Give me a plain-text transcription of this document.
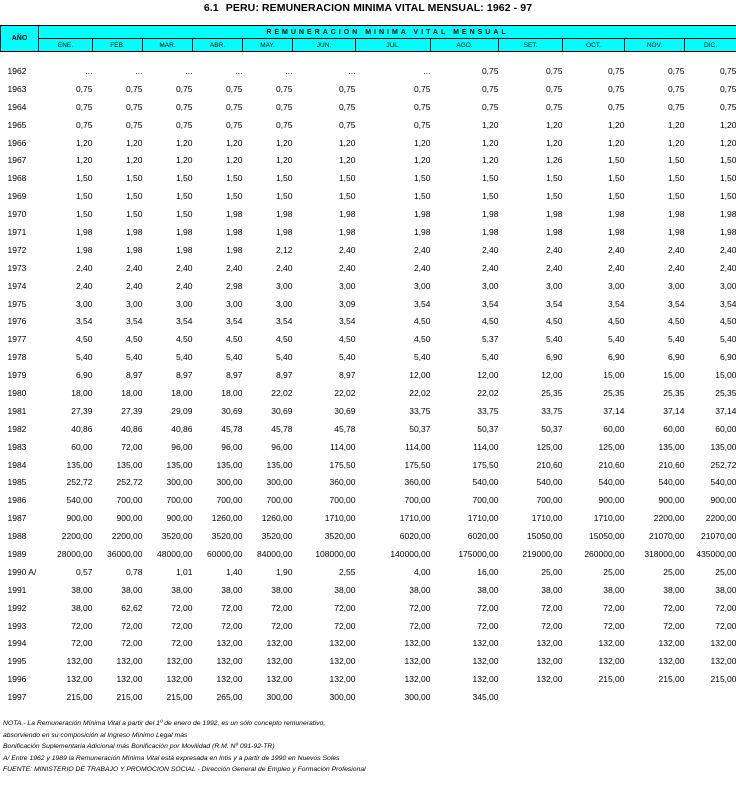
6.1 PERU: REMUNERACION MINIMA VITAL MENSUAL: 1962 - 97
AÑO	REMUNERACION MINIMA VITAL MENSUAL											
	ENE.	FEB.	MAR.	ABR.	MAY.	JUN.	JUL.	AGO.	SET.	OCT.	NOV.	DIC.

1962	...	...	...	...	...	...	...	0,75	0,75	0,75	0,75	0,75
1963	0,75	0,75	0,75	0,75	0,75	0,75	0,75	0,75	0,75	0,75	0,75	0,75
1964	0,75	0,75	0,75	0,75	0,75	0,75	0,75	0,75	0,75	0,75	0,75	0,75
1965	0,75	0,75	0,75	0,75	0,75	0,75	0,75	1,20	1,20	1,20	1,20	1,20
1966	1,20	1,20	1,20	1,20	1,20	1,20	1,20	1,20	1,20	1,20	1,20	1,20
1967	1,20	1,20	1,20	1,20	1,20	1,20	1,20	1,20	1,26	1,50	1,50	1,50
1968	1,50	1,50	1,50	1,50	1,50	1,50	1,50	1,50	1,50	1,50	1,50	1,50
1969	1,50	1,50	1,50	1,50	1,50	1,50	1,50	1,50	1,50	1,50	1,50	1,50
1970	1,50	1,50	1,50	1,98	1,98	1,98	1,98	1,98	1,98	1,98	1,98	1,98
1971	1,98	1,98	1,98	1,98	1,98	1,98	1,98	1,98	1,98	1,98	1,98	1,98
1972	1,98	1,98	1,98	1,98	2,12	2,40	2,40	2,40	2,40	2,40	2,40	2,40
1973	2,40	2,40	2,40	2,40	2,40	2,40	2,40	2,40	2,40	2,40	2,40	2,40
1974	2,40	2,40	2,40	2,98	3,00	3,00	3,00	3,00	3,00	3,00	3,00	3,00
1975	3,00	3,00	3,00	3,00	3,00	3,09	3,54	3,54	3,54	3,54	3,54	3,54
1976	3,54	3,54	3,54	3,54	3,54	3,54	4,50	4,50	4,50	4,50	4,50	4,50
1977	4,50	4,50	4,50	4,50	4,50	4,50	4,50	5,37	5,40	5,40	5,40	5,40
1978	5,40	5,40	5,40	5,40	5,40	5,40	5,40	5,40	6,90	6,90	6,90	6,90
1979	6,90	8,97	8,97	8,97	8,97	8,97	12,00	12,00	12,00	15,00	15,00	15,00
1980	18,00	18,00	18,00	18,00	22,02	22,02	22,02	22,02	25,35	25,35	25,35	25,35
1981	27,39	27,39	29,09	30,69	30,69	30,69	33,75	33,75	33,75	37,14	37,14	37,14
1982	40,86	40,86	40,86	45,78	45,78	45,78	50,37	50,37	50,37	60,00	60,00	60,00
1983	60,00	72,00	96,00	96,00	96,00	114,00	114,00	114,00	125,00	125,00	135,00	135,00
1984	135,00	135,00	135,00	135,00	135,00	175,50	175,50	175,50	210,60	210,60	210,60	252,72
1985	252,72	252,72	300,00	300,00	300,00	360,00	360,00	540,00	540,00	540,00	540,00	540,00
1986	540,00	700,00	700,00	700,00	700,00	700,00	700,00	700,00	700,00	900,00	900,00	900,00
1987	900,00	900,00	900,00	1260,00	1260,00	1710,00	1710,00	1710,00	1710,00	1710,00	2200,00	2200,00
1988	2200,00	2200,00	3520,00	3520,00	3520,00	3520,00	6020,00	6020,00	15050,00	15050,00	21070,00	21070,00
1989	28000,00	36000,00	48000,00	60000,00	84000,00	108000,00	140000,00	175000,00	219000,00	260000,00	318000,00	435000,00
1990 A/	0,57	0,78	1,01	1,40	1,90	2,55	4,00	16,00	25,00	25,00	25,00	25,00
1991	38,00	38,00	38,00	38,00	38,00	38,00	38,00	38,00	38,00	38,00	38,00	38,00
1992	38,00	62,62	72,00	72,00	72,00	72,00	72,00	72,00	72,00	72,00	72,00	72,00
1993	72,00	72,00	72,00	72,00	72,00	72,00	72,00	72,00	72,00	72,00	72,00	72,00
1994	72,00	72,00	72,00	132,00	132,00	132,00	132,00	132,00	132,00	132,00	132,00	132,00
1995	132,00	132,00	132,00	132,00	132,00	132,00	132,00	132,00	132,00	132,00	132,00	132,00
1996	132,00	132,00	132,00	132,00	132,00	132,00	132,00	132,00	132,00	215,00	215,00	215,00
1997	215,00	215,00	215,00	265,00	300,00	300,00	300,00	345,00				
NOTA.- La Remuneración Mínima Vital a partir del 1º de enero de 1992, es un sólo concepto remunerativo,
absorviendo en su composición al Ingreso Mínimo Legal más
Bonificación Suplementaria Adicional más Bonificación por Movilidad (R.M. Nº 091-92-TR)
A/ Entre 1962 y 1989 la Remuneración Mínima Vital está expresada en Intis y a partir de 1990 en Nuevos Soles
FUENTE: MINISTERIO DE TRABAJO Y PROMOCION SOCIAL - Dirección General de Empleo y Formación Profesional
